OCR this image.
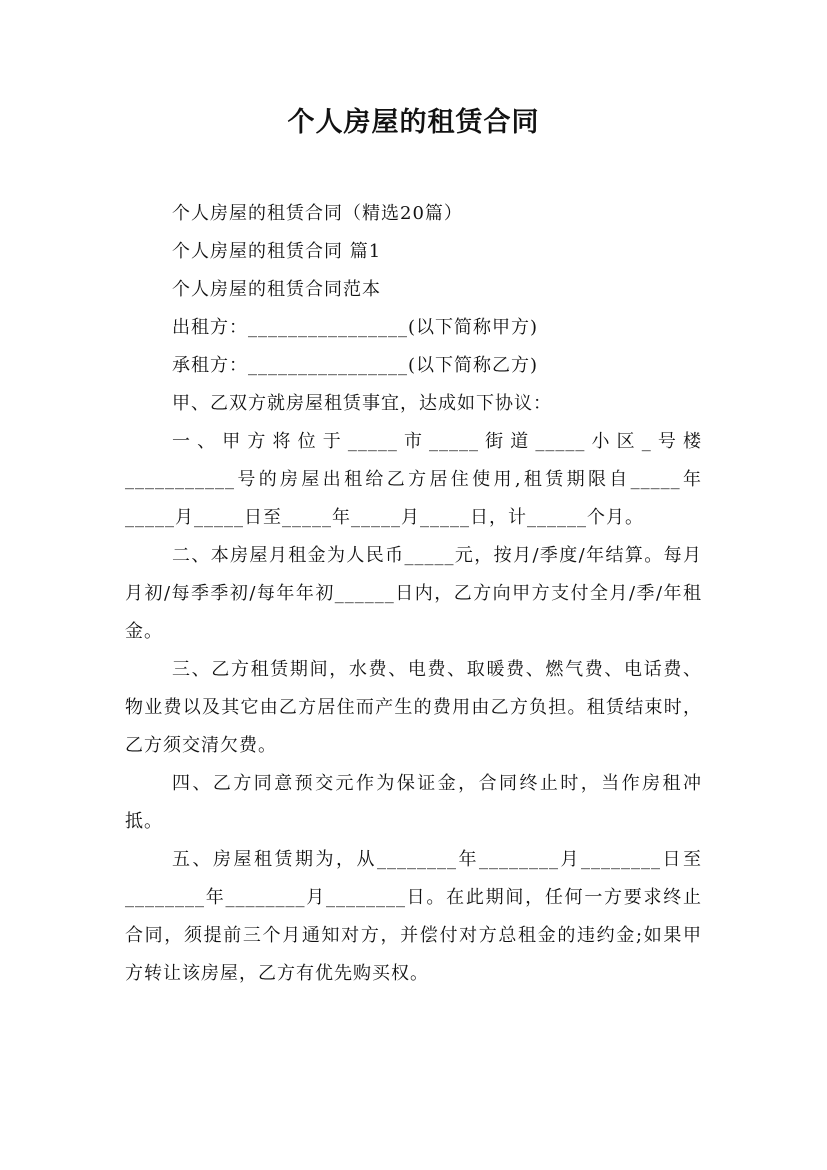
个人房屋的租赁合同

个人房屋的租赁合同（精选20篇）

个人房屋的租赁合同 篇1

个人房屋的租赁合同范本

出租方：________________(以下简称甲方)

承租方：________________(以下简称乙方)

甲、乙双方就房屋租赁事宜，达成如下协议：

一、甲方将位于_____市_____街道_____小区_号楼___________号的房屋出租给乙方居住使用,租赁期限自_____年_____月_____日至_____年_____月_____日，计______个月。

二、本房屋月租金为人民币_____元，按月/季度/年结算。每月月初/每季季初/每年年初______日内，乙方向甲方支付全月/季/年租金。

三、乙方租赁期间，水费、电费、取暖费、燃气费、电话费、物业费以及其它由乙方居住而产生的费用由乙方负担。租赁结束时，乙方须交清欠费。

四、乙方同意预交元作为保证金，合同终止时，当作房租冲抵。

五、房屋租赁期为，从________年________月________日至________年________月________日。在此期间，任何一方要求终止合同，须提前三个月通知对方，并偿付对方总租金的违约金;如果甲方转让该房屋，乙方有优先购买权。
